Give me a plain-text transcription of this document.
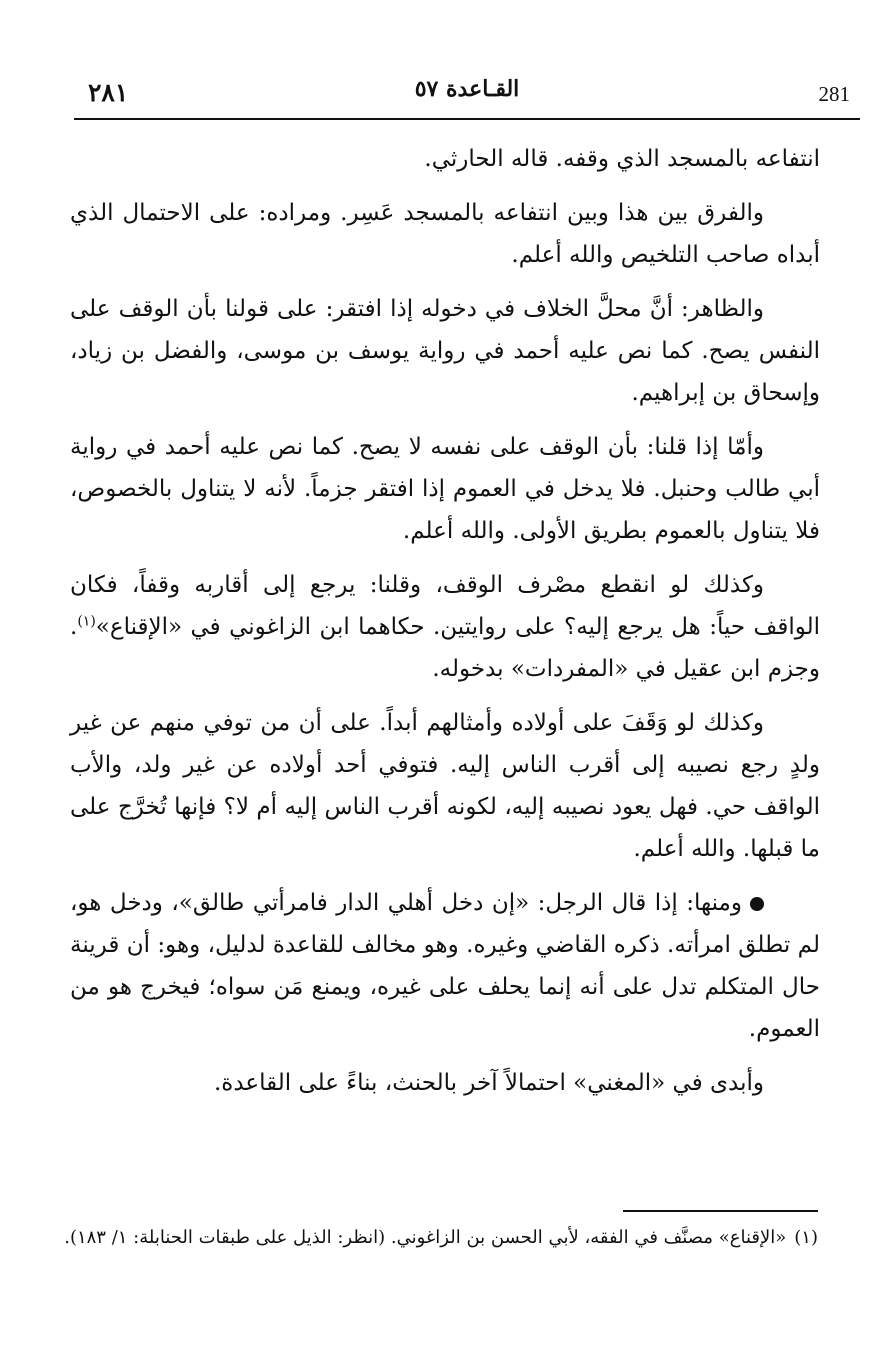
٢٨١	القـاعدة ٥٧	281

انتفاعه بالمسجد الذي وقفه. قاله الحارثي.

والفرق بين هذا وبين انتفاعه بالمسجد عَسِر. ومراده: على الاحتمال الذي أبداه صاحب التلخيص والله أعلم.

والظاهر: أنَّ محلَّ الخلاف في دخوله إذا افتقر: على قولنا بأن الوقف على النفس يصح. كما نص عليه أحمد في رواية يوسف بن موسى، والفضل بن زياد، وإسحاق بن إبراهيم.

وأمّا إذا قلنا: بأن الوقف على نفسه لا يصح. كما نص عليه أحمد في رواية أبي طالب وحنبل. فلا يدخل في العموم إذا افتقر جزماً. لأنه لا يتناول بالخصوص، فلا يتناول بالعموم بطريق الأولى. والله أعلم.

وكذلك لو انقطع مصْرف الوقف، وقلنا: يرجع إلى أقاربه وقفاً، فكان الواقف حياً: هل يرجع إليه؟ على روايتين. حكاهما ابن الزاغوني في «الإقناع»$^{(١)}$. وجزم ابن عقيل في «المفردات» بدخوله.

وكذلك لو وَقَفَ على أولاده وأمثالهم أبداً. على أن من توفي منهم عن غير ولدٍ رجع نصيبه إلى أقرب الناس إليه. فتوفي أحد أولاده عن غير ولد، والأب الواقف حي. فهل يعود نصيبه إليه، لكونه أقرب الناس إليه أم لا؟ فإنها تُخرَّج على ما قبلها. والله أعلم.

ومنها: إذا قال الرجل: «إن دخل أهلي الدار فامرأتي طالق»، ودخل هو، لم تطلق امرأته. ذكره القاضي وغيره. وهو مخالف للقاعدة لدليل، وهو: أن قرينة حال المتكلم تدل على أنه إنما يحلف على غيره، ويمنع مَن سواه؛ فيخرج هو من العموم.

وأبدى في «المغني» احتمالاً آخر بالحنث، بناءً على القاعدة.

(١)«الإقناع» مصنَّف في الفقه، لأبي الحسن بن الزاغوني. (انظر: الذيل على طبقات الحنابلة: ١/ ١٨٣).
